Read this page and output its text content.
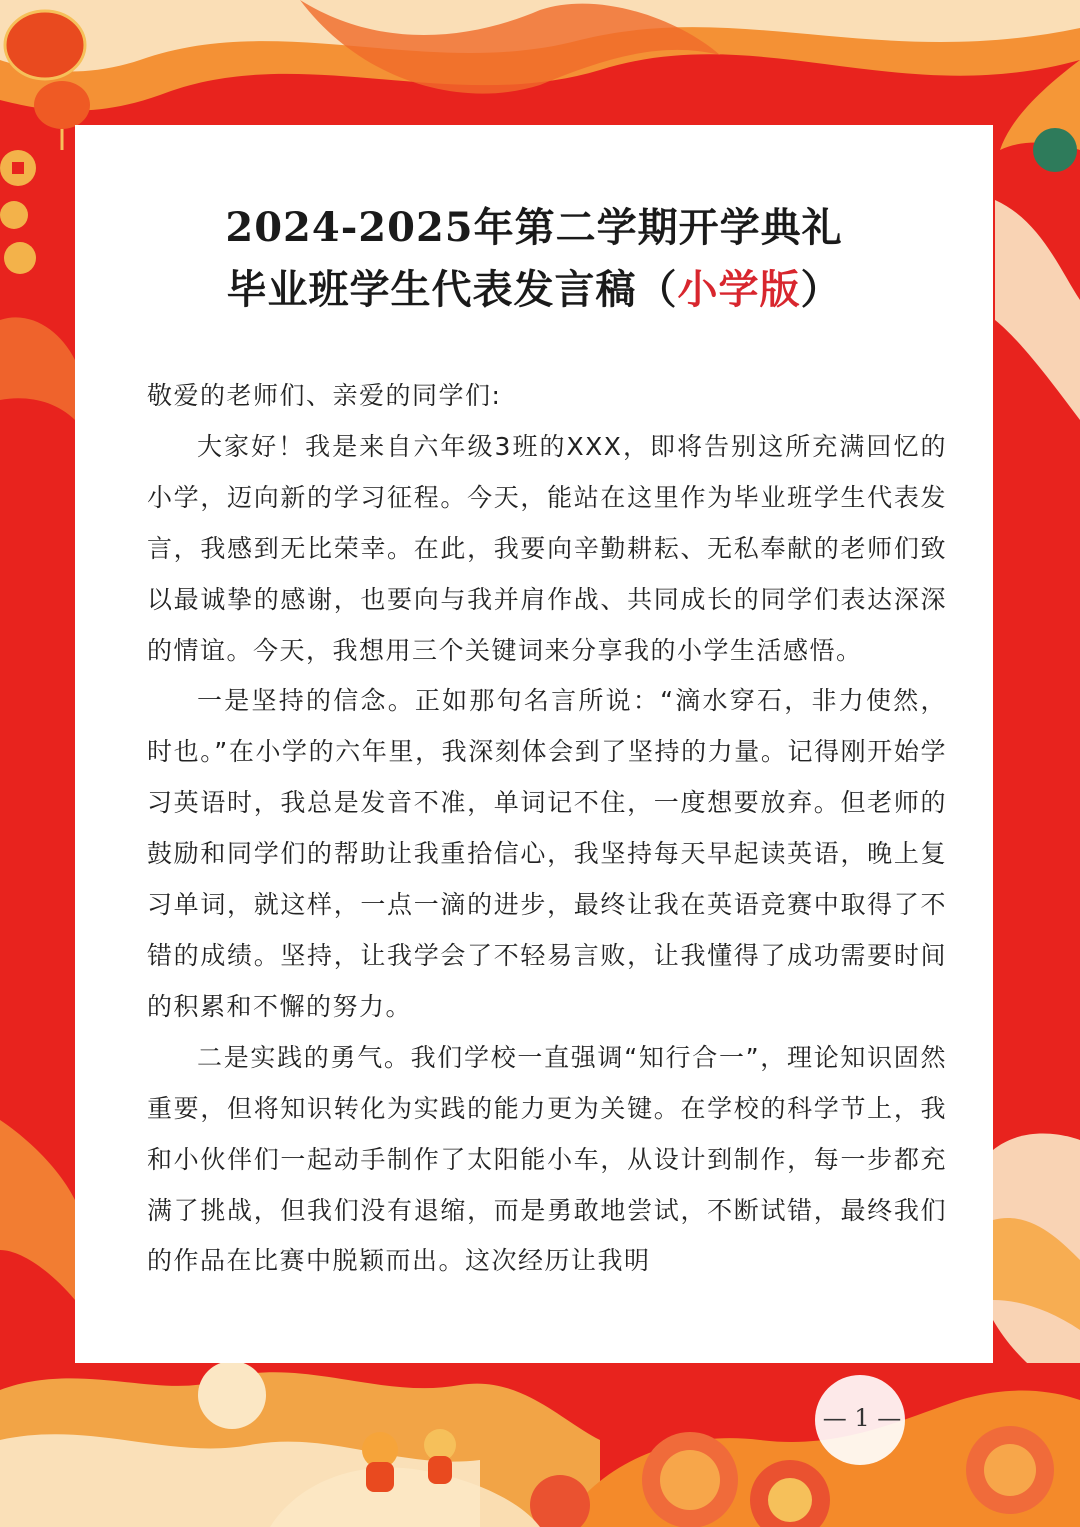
2024-2025年第二学期开学典礼
毕业班学生代表发言稿（小学版）

敬爱的老师们、亲爱的同学们:

大家好！我是来自六年级3班的XXX，即将告别这所充满回忆的小学，迈向新的学习征程。今天，能站在这里作为毕业班学生代表发言，我感到无比荣幸。在此，我要向辛勤耕耘、无私奉献的老师们致以最诚挚的感谢，也要向与我并肩作战、共同成长的同学们表达深深的情谊。今天，我想用三个关键词来分享我的小学生活感悟。

一是坚持的信念。正如那句名言所说：“滴水穿石，非力使然，时也。”在小学的六年里，我深刻体会到了坚持的力量。记得刚开始学习英语时，我总是发音不准，单词记不住，一度想要放弃。但老师的鼓励和同学们的帮助让我重拾信心，我坚持每天早起读英语，晚上复习单词，就这样，一点一滴的进步，最终让我在英语竞赛中取得了不错的成绩。坚持，让我学会了不轻易言败，让我懂得了成功需要时间的积累和不懈的努力。

二是实践的勇气。我们学校一直强调“知行合一”，理论知识固然重要，但将知识转化为实践的能力更为关键。在学校的科学节上，我和小伙伴们一起动手制作了太阳能小车，从设计到制作，每一步都充满了挑战，但我们没有退缩，而是勇敢地尝试，不断试错，最终我们的作品在比赛中脱颖而出。这次经历让我明

— 1 —
